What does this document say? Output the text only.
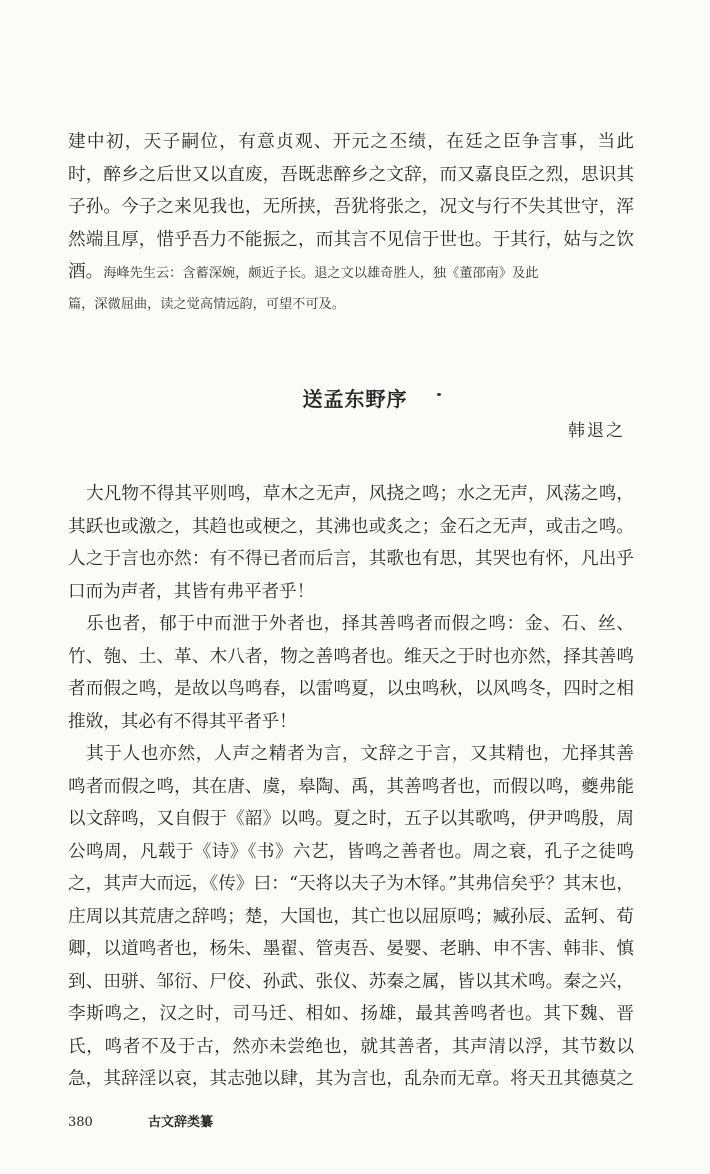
建中初，天子嗣位，有意贞观、开元之丕绩，在廷之臣争言事，当此
时，醉乡之后世又以直废，吾既悲醉乡之文辞，而又嘉良臣之烈，思识其
子孙。今子之来见我也，无所挟，吾犹将张之，况文与行不失其世守，浑
然端且厚，惜乎吾力不能振之，而其言不见信于世也。于其行，姑与之饮
酒。海峰先生云：含蓄深婉，颇近子长。退之文以雄奇胜人，独《董邵南》及此
篇，深微屈曲，读之觉高情远韵，可望不可及。
送孟东野序
韩退之
大凡物不得其平则鸣，草木之无声，风挠之鸣；水之无声，风荡之鸣，
其跃也或激之，其趋也或梗之，其沸也或炙之；金石之无声，或击之鸣。
人之于言也亦然：有不得已者而后言，其歌也有思，其哭也有怀，凡出乎
口而为声者，其皆有弗平者乎！
乐也者，郁于中而泄于外者也，择其善鸣者而假之鸣：金、石、丝、
竹、匏、土、革、木八者，物之善鸣者也。维天之于时也亦然，择其善鸣
者而假之鸣，是故以鸟鸣春，以雷鸣夏，以虫鸣秋，以风鸣冬，四时之相
推敚，其必有不得其平者乎！
其于人也亦然，人声之精者为言，文辞之于言，又其精也，尤择其善
鸣者而假之鸣，其在唐、虞，皋陶、禹，其善鸣者也，而假以鸣，夔弗能
以文辞鸣，又自假于《韶》以鸣。夏之时，五子以其歌鸣，伊尹鸣殷，周
公鸣周，凡载于《诗》《书》六艺，皆鸣之善者也。周之衰，孔子之徒鸣
之，其声大而远，《传》曰：“天将以夫子为木铎。”其弗信矣乎？其末也，
庄周以其荒唐之辞鸣；楚，大国也，其亡也以屈原鸣；臧孙辰、孟轲、荀
卿，以道鸣者也，杨朱、墨翟、管夷吾、晏婴、老聃、申不害、韩非、慎
到、田骈、邹衍、尸佼、孙武、张仪、苏秦之属，皆以其术鸣。秦之兴，
李斯鸣之，汉之时，司马迁、相如、扬雄，最其善鸣者也。其下魏、晋
氏，鸣者不及于古，然亦未尝绝也，就其善者，其声清以浮，其节数以
急，其辞淫以哀，其志弛以肆，其为言也，乱杂而无章。将天丑其德莫之
380	古文辞类纂
